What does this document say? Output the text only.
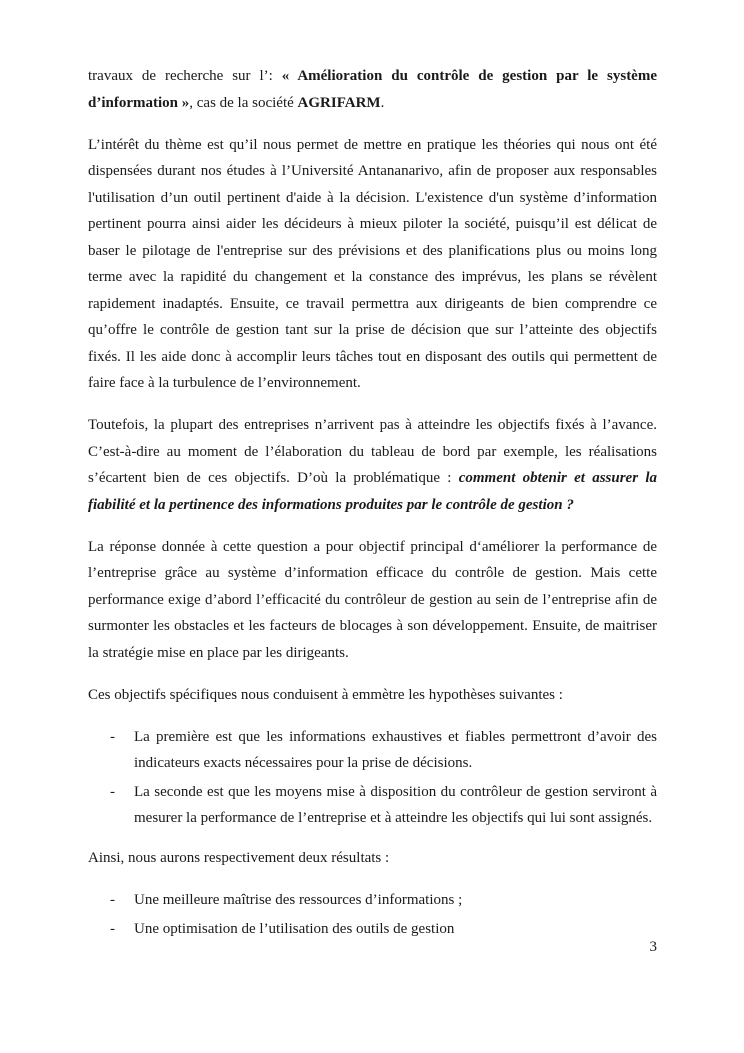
travaux de recherche sur l’: « Amélioration du contrôle de gestion par le système d’information », cas de la société AGRIFARM.

L’intérêt du thème est qu’il nous permet de mettre en pratique les théories qui nous ont été dispensées durant nos études à l’Université Antananarivo, afin de proposer aux responsables l'utilisation d’un outil pertinent d'aide à la décision. L'existence d'un système d’information pertinent pourra ainsi aider les décideurs à mieux piloter la société, puisqu’il est délicat de baser le pilotage de l'entreprise sur des prévisions et des planifications plus ou moins long terme avec la rapidité du changement et la constance des imprévus, les plans se révèlent rapidement inadaptés. Ensuite, ce travail permettra aux dirigeants de bien comprendre ce qu’offre le contrôle de gestion tant sur la prise de décision que sur l’atteinte des objectifs fixés. Il les aide donc à accomplir leurs tâches tout en disposant des outils qui permettent de faire face à la turbulence de l’environnement.

Toutefois, la plupart des entreprises n’arrivent pas à atteindre les objectifs fixés à l’avance. C’est-à-dire au moment de l’élaboration du tableau de bord par exemple, les réalisations s’écartent bien de ces objectifs. D’où la problématique : comment obtenir et assurer la fiabilité et la pertinence des informations produites par le contrôle de gestion ?

La réponse donnée à cette question a pour objectif principal d‘améliorer la performance de l’entreprise grâce au système d’information efficace du contrôle de gestion. Mais cette performance exige d’abord l’efficacité du contrôleur de gestion au sein de l’entreprise afin de surmonter les obstacles et les facteurs de blocages à son développement. Ensuite, de maitriser la stratégie mise en place par les dirigeants.

Ces objectifs spécifiques nous conduisent à emmètre les hypothèses suivantes :

- La première est que les informations exhaustives et fiables permettront d’avoir des indicateurs exacts nécessaires pour la prise de décisions.
- La seconde est que les moyens mise à disposition du contrôleur de gestion serviront à mesurer la performance de l’entreprise et à atteindre les objectifs qui lui sont assignés.

Ainsi, nous aurons respectivement deux résultats :

- Une meilleure maîtrise des ressources d’informations ;
- Une optimisation de l’utilisation des outils de gestion
3
